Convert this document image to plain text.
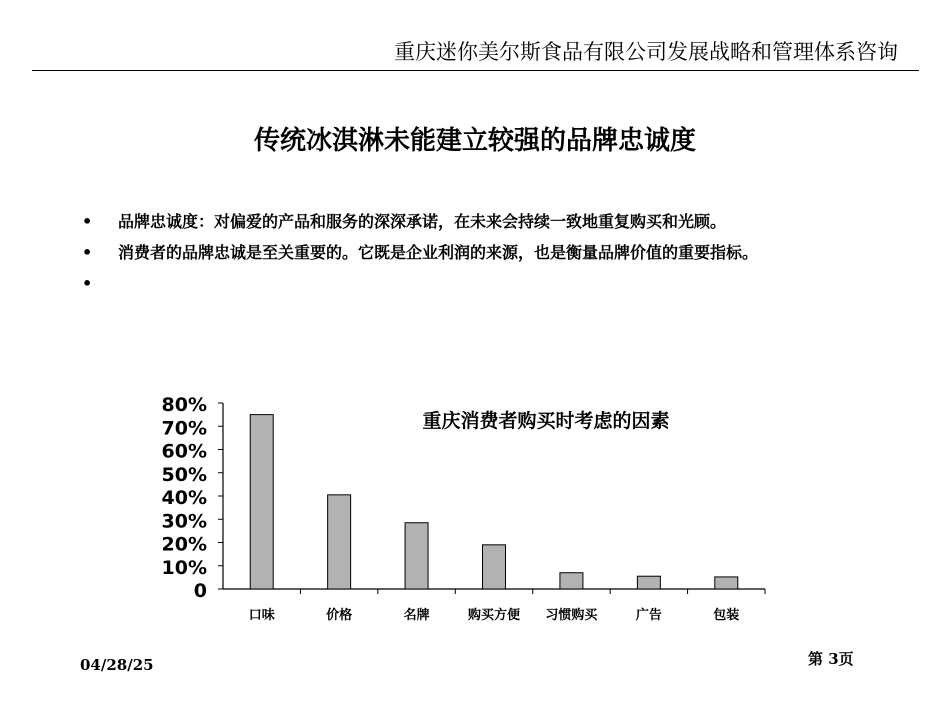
重庆迷你美尔斯食品有限公司发展战略和管理体系咨询
传统冰淇淋未能建立较强的品牌忠诚度
• 品牌忠诚度：对偏爱的产品和服务的深深承诺，在未来会持续一致地重复购买和光顾。
• 消费者的品牌忠诚是至关重要的。它既是企业利润的来源，也是衡量品牌价值的重要指标。
•
0
10%
20%
30%
40%
50%
60%
70%
80%
口味	价格	名牌	购买方便 习惯购买	广告	包装
重庆消费者购买时考虑的因素
04/28/25	第 3页
